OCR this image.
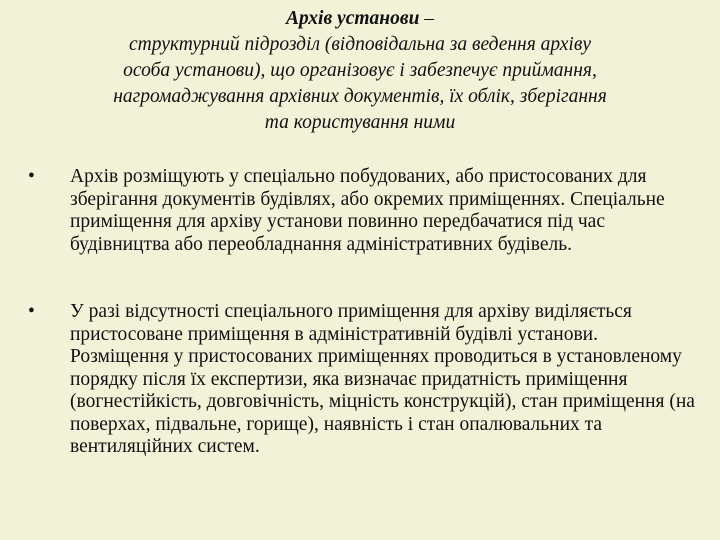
Архів установи –
структурний підрозділ (відповідальна за ведення архіву
особа установи), що організовує і забезпечує приймання,
нагромаджування архівних документів, їх облік, зберігання
та користування ними
• Архів розміщують у спеціально побудованих, або пристосованих для зберігання документів будівлях, або окремих приміщеннях. Спеціальне приміщення для архіву установи повинно передбачатися під час будівництва або переобладнання адміністративних будівель.
• У разі відсутності спеціального приміщення для архіву виділяється пристосоване приміщення в адміністративній будівлі установи. Розміщення у пристосованих приміщеннях проводиться в установленому порядку після їх експертизи, яка визначає придатність приміщення (вогнестійкість, довговічність, міцність конструкцій), стан приміщення (на поверхах, підвальне, горище), наявність і стан опалювальних та вентиляційних систем.
